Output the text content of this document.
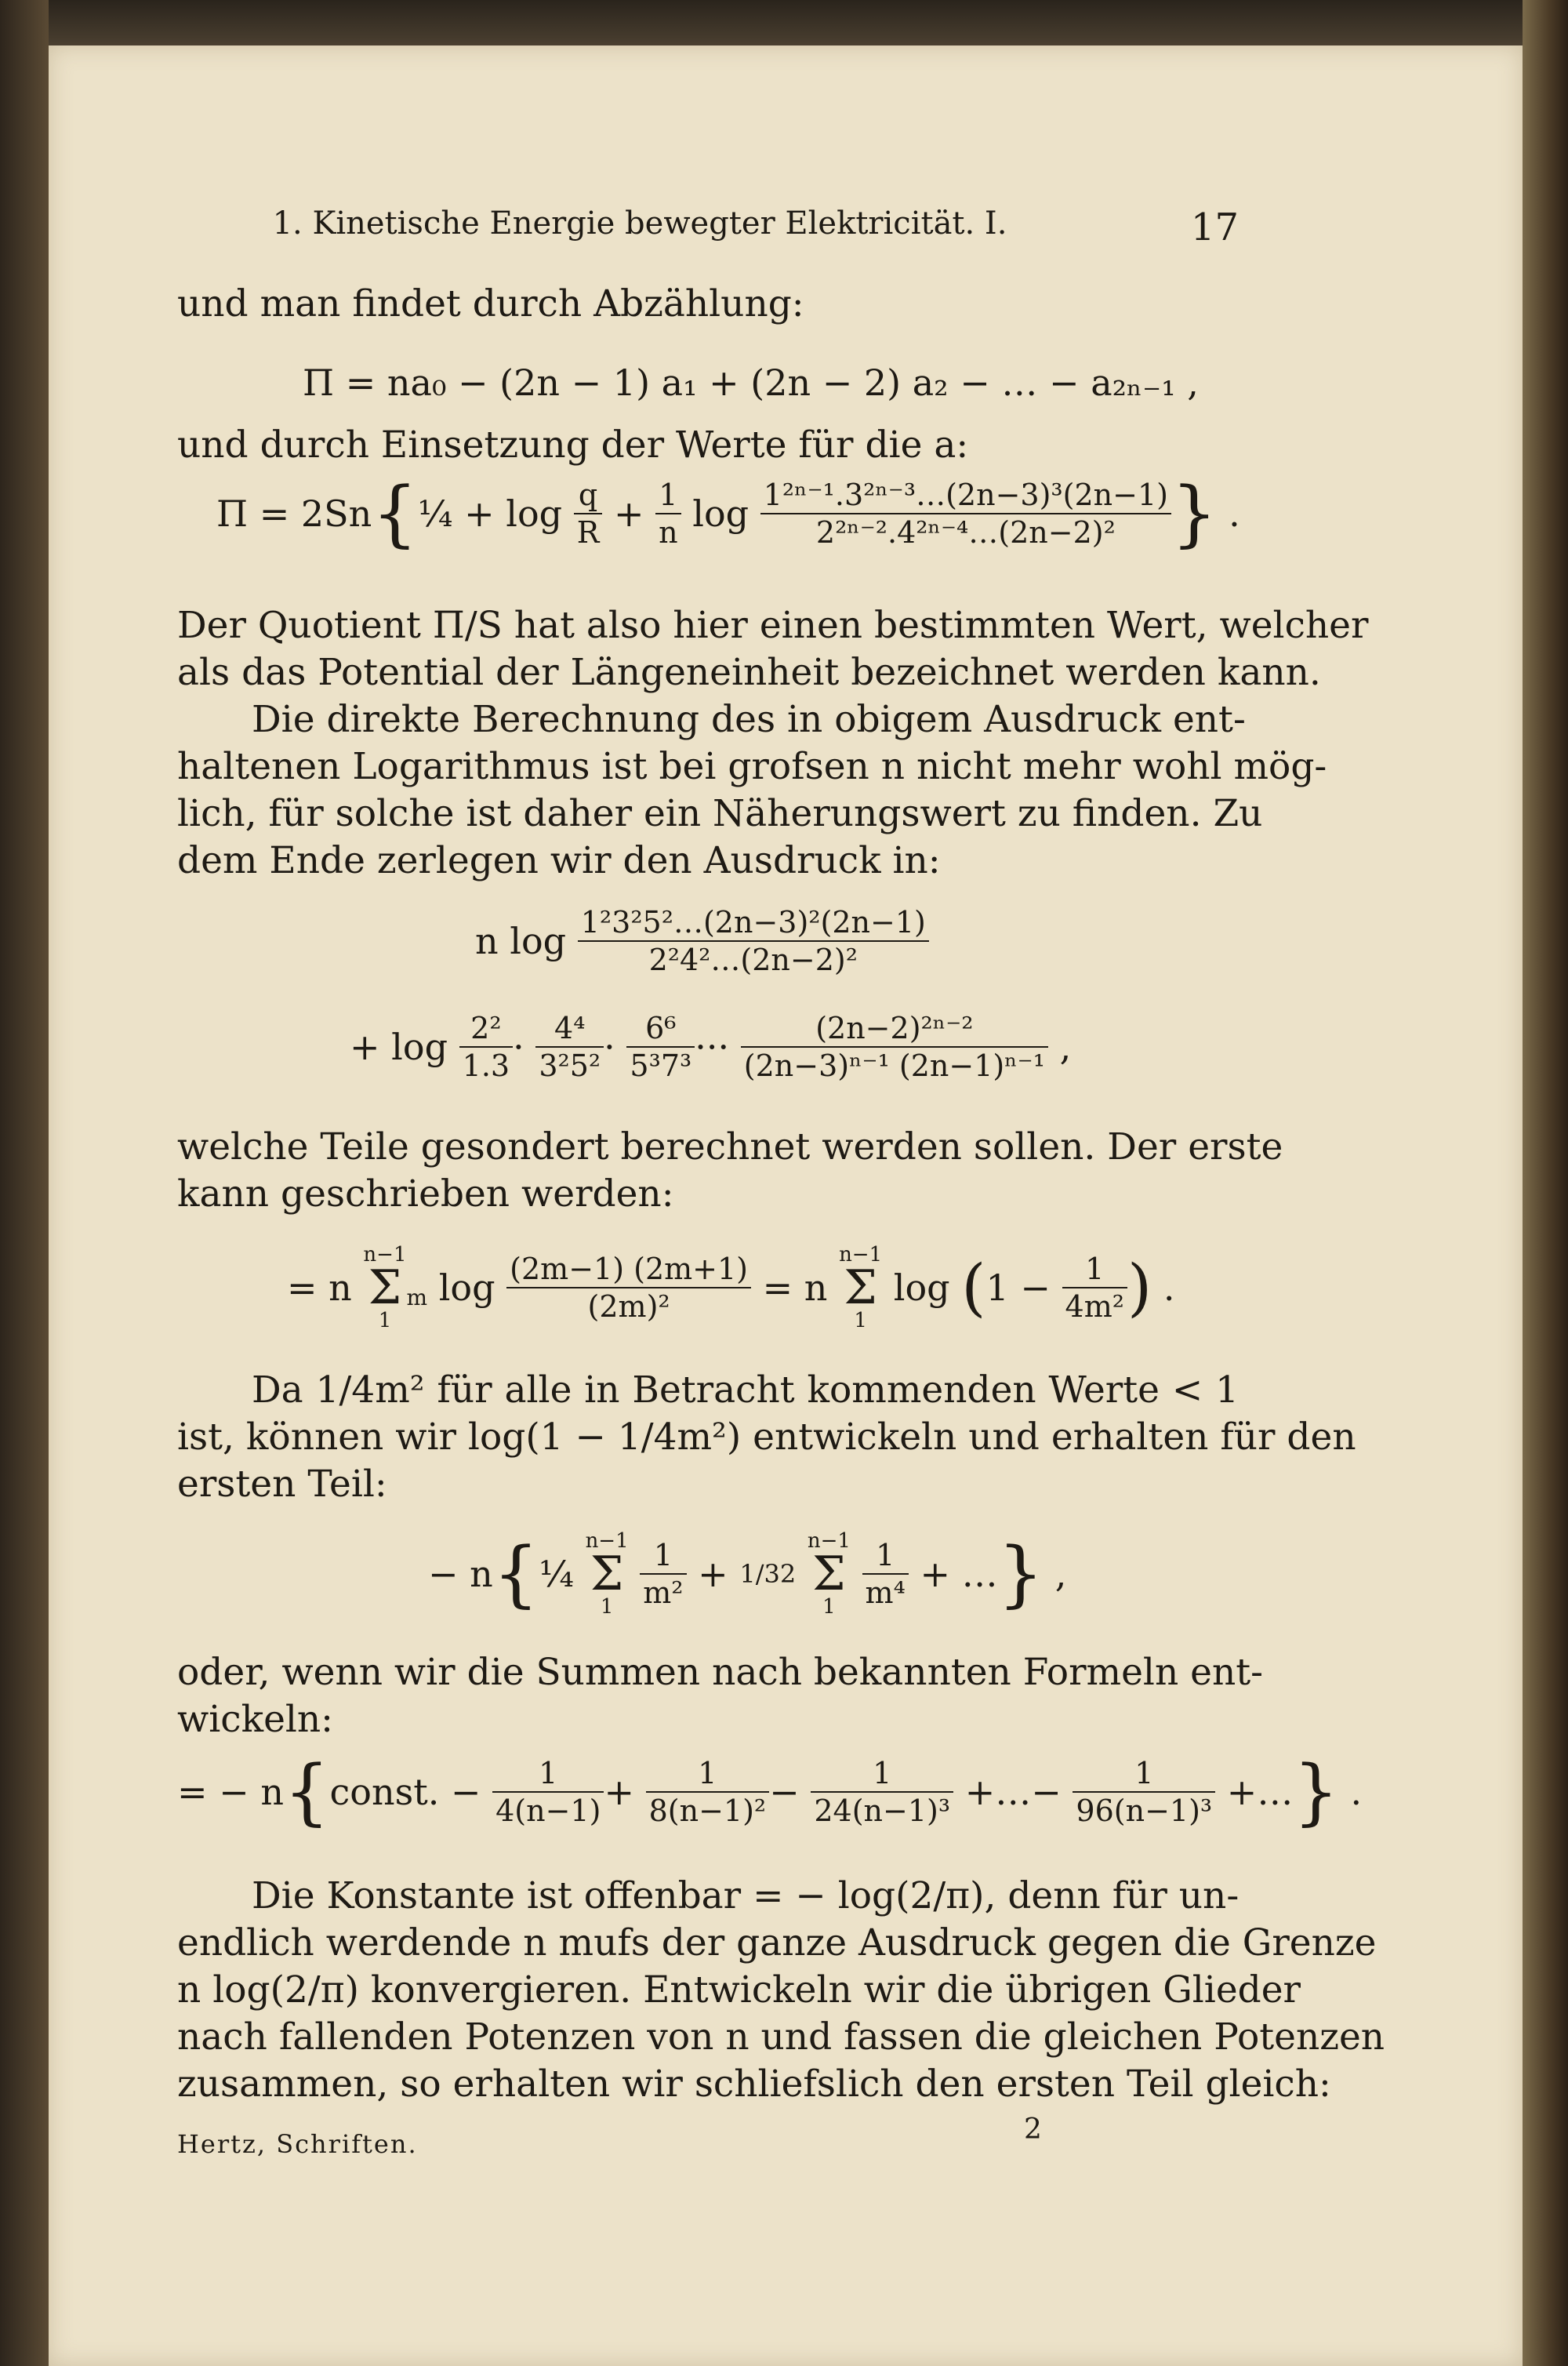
1. Kinetische Energie bewegter Elektricität. I.	17
und man findet durch Abzählung:
Π = na₀ − (2n − 1) a₁ + (2n − 2) a₂ − … − a₂ₙ₋₁ ,
und durch Einsetzung der Werte für die a:
Π = 2Sn{¼ + $\log \frac{q}{R} + \frac{1}{n}$ $\log \frac{\text{1²ⁿ⁻¹.3²ⁿ⁻³…(2n−3)³(2n−1)}}{\text{2²ⁿ⁻².4²ⁿ⁻⁴…(2n−2)²}}$ } .
Der Quotient Π/S hat also hier einen bestimmten Wert, welcher
als das Potential der Längeneinheit bezeichnet werden kann.
Die direkte Berechnung des in obigem Ausdruck ent-
haltenen Logarithmus ist bei grofsen n nicht mehr wohl mög-
lich, für solche ist daher ein Näherungswert zu finden. Zu
dem Ende zerlegen wir den Ausdruck in:
n $\log \frac{\text{1²3²5²…(2n−3)²(2n−1)}}{\text{2²4²…(2n−2)²}}$
+ $\log \frac{\text{2²}}{1.3} \cdot \frac{\text{4⁴}}{\text{3²5²}} \cdot \frac{\text{6⁶}}{\text{5³7³}}$ ··· $\frac{\text{(2n−2)²ⁿ⁻²}}{\text{(2n−3)ⁿ⁻¹ (2n−1)ⁿ⁻¹}}$ ,
welche Teile gesondert berechnet werden sollen. Der erste
kann geschrieben werden:
= n
n−1
Σ
1
$_m$ $\log \frac{(2m-1) (2m+1)}{\text{(2m)²}} = n$
n−1
Σ
1
$\log (1 - \frac{1}{\text{4m²}}$ ) .
Da 1/4m² für alle in Betracht kommenden Werte < 1
ist, können wir log(1 − 1/4m²) entwickeln und erhalten für den
ersten Teil:
− n{¼
n−1
Σ
1
$\frac{1}{\text{m²}} + 1/32$
n−1
Σ
1
$\frac{1}{\text{m⁴}}$ + …} ,
oder, wenn wir die Summen nach bekannten Formeln ent-
wickeln:
= − n{const. − $\frac{1}{4(n-1)} + \frac{1}{\text{8(n−1)²}} - \frac{1}{\text{24(n−1)³}}$ +…− $\frac{1}{\text{96(n−1)³}}$ +…} .
Die Konstante ist offenbar = − log(2/π), denn für un-
endlich werdende n mufs der ganze Ausdruck gegen die Grenze
n log(2/π) konvergieren. Entwickeln wir die übrigen Glieder
nach fallenden Potenzen von n und fassen die gleichen Potenzen
zusammen, so erhalten wir schliefslich den ersten Teil gleich:
Hertz, Schriften.	2
